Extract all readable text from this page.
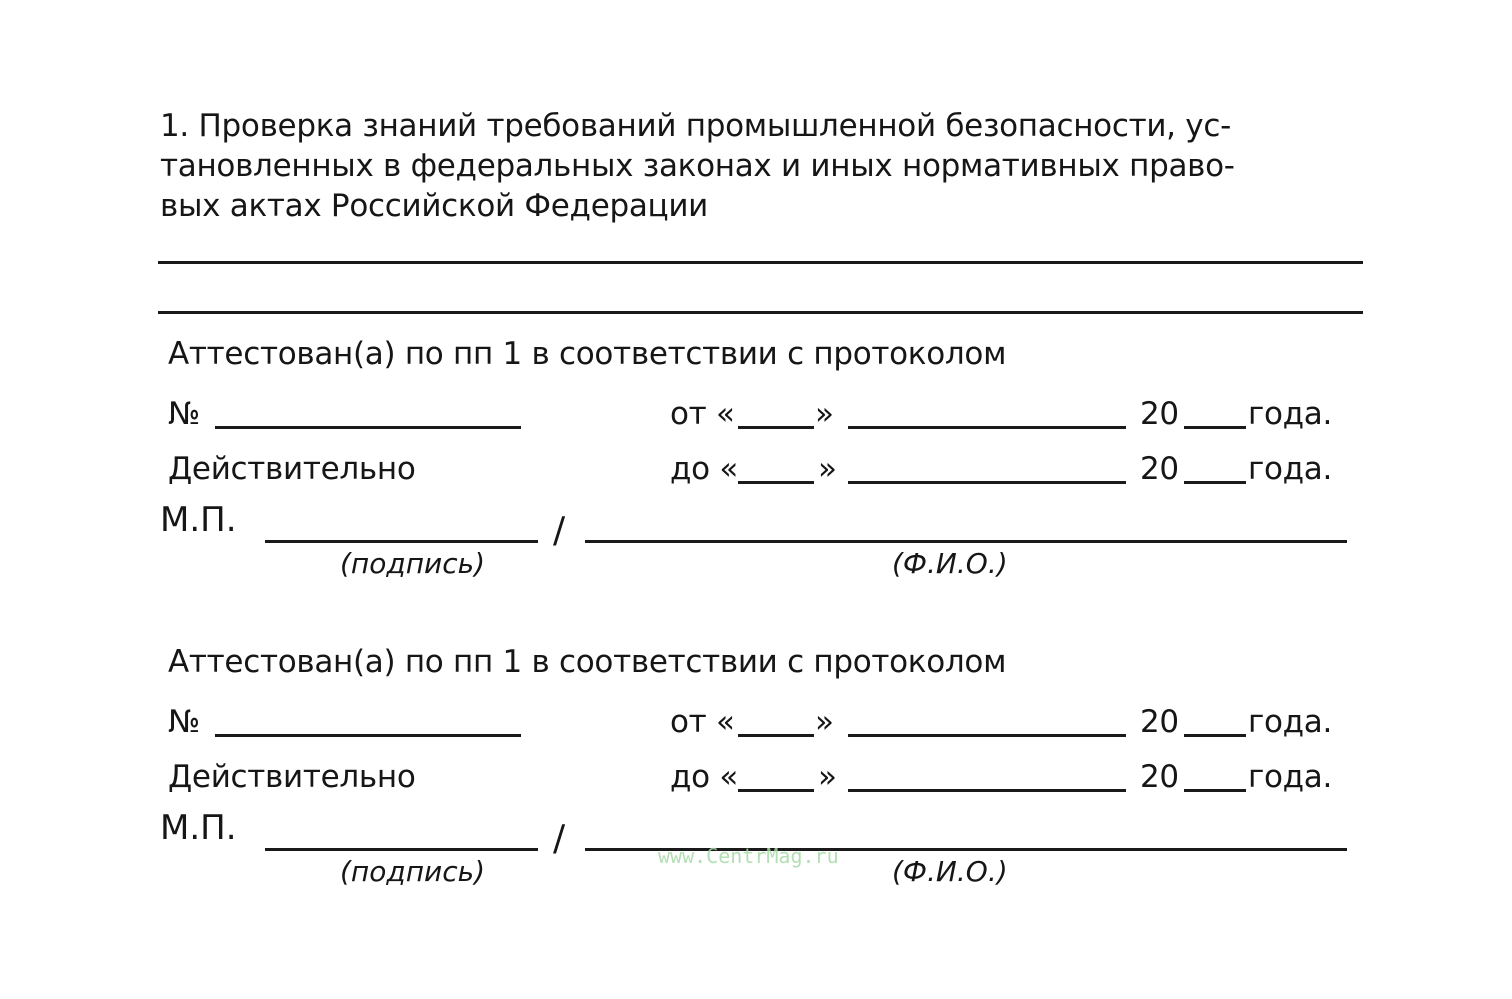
1. Проверка знаний требований промышленной безопасности, ус-
тановленных в федеральных законах и иных нормативных право-
вых актах Российской Федерации
Аттестован(а) по пп 1 в соответствии с протоколом
№	от «	»	20 года.
Действительно	до «	»	20 года.
М.П.	/
(подпись)	(Ф.И.О.)
Аттестован(а) по пп 1 в соответствии с протоколом
№	от «	»	20 года.
Действительно	до «	»	20 года.
М.П.	/
(подпись)	(Ф.И.О.)
www.CentrMag.ru
